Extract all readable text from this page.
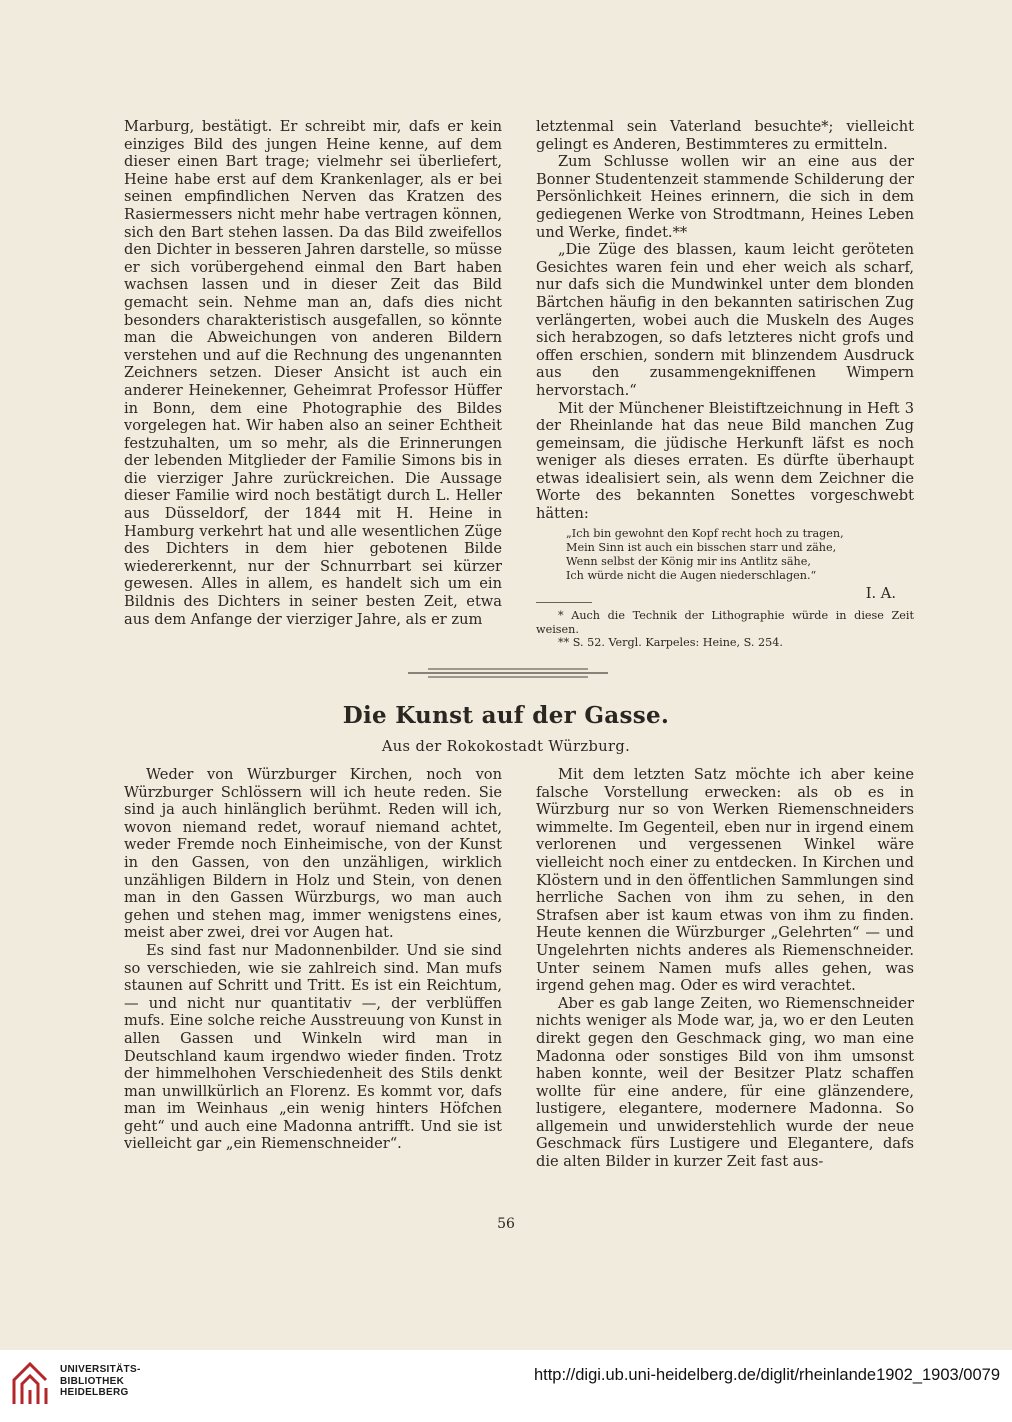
Marburg, bestätigt. Er schreibt mir, dafs er kein einziges Bild des jungen Heine kenne, auf dem dieser einen Bart trage; vielmehr sei überliefert, Heine habe erst auf dem Krankenlager, als er bei seinen empfindlichen Nerven das Kratzen des Rasiermessers nicht mehr habe vertragen können, sich den Bart stehen lassen. Da das Bild zweifellos den Dichter in besseren Jahren darstelle, so müsse er sich vorübergehend einmal den Bart haben wachsen lassen und in dieser Zeit das Bild gemacht sein. Nehme man an, dafs dies nicht besonders charakteristisch ausgefallen, so könnte man die Abweichungen von anderen Bildern verstehen und auf die Rechnung des ungenannten Zeichners setzen. Dieser Ansicht ist auch ein anderer Heinekenner, Geheimrat Professor Hüffer in Bonn, dem eine Photographie des Bildes vorgelegen hat. Wir haben also an seiner Echtheit festzuhalten, um so mehr, als die Erinnerungen der lebenden Mitglieder der Familie Simons bis in die vierziger Jahre zurückreichen. Die Aussage dieser Familie wird noch bestätigt durch L. Heller aus Düsseldorf, der 1844 mit H. Heine in Hamburg verkehrt hat und alle wesentlichen Züge des Dichters in dem hier gebotenen Bilde wiedererkennt, nur der Schnurrbart sei kürzer gewesen. Alles in allem, es handelt sich um ein Bildnis des Dichters in seiner besten Zeit, etwa aus dem Anfange der vierziger Jahre, als er zum

letztenmal sein Vaterland besuchte*; vielleicht gelingt es Anderen, Bestimmteres zu ermitteln.

Zum Schlusse wollen wir an eine aus der Bonner Studentenzeit stammende Schilderung der Persönlichkeit Heines erinnern, die sich in dem gediegenen Werke von Strodtmann, Heines Leben und Werke, findet.**

„Die Züge des blassen, kaum leicht geröteten Gesichtes waren fein und eher weich als scharf, nur dafs sich die Mundwinkel unter dem blonden Bärtchen häufig in den bekannten satirischen Zug verlängerten, wobei auch die Muskeln des Auges sich herabzogen, so dafs letzteres nicht grofs und offen erschien, sondern mit blinzendem Ausdruck aus den zusammengekniffenen Wimpern hervorstach.“

Mit der Münchener Bleistiftzeichnung in Heft 3 der Rheinlande hat das neue Bild manchen Zug gemeinsam, die jüdische Herkunft läfst es noch weniger als dieses erraten. Es dürfte überhaupt etwas idealisiert sein, als wenn dem Zeichner die Worte des bekannten Sonettes vorgeschwebt hätten:

„Ich bin gewohnt den Kopf recht hoch zu tragen,
Mein Sinn ist auch ein bisschen starr und zähe,
Wenn selbst der König mir ins Antlitz sähe,
Ich würde nicht die Augen niederschlagen.“
I. A.
* Auch die Technik der Lithographie würde in diese Zeit weisen.
** S. 52. Vergl. Karpeles: Heine, S. 254.
Die Kunst auf der Gasse.
Aus der Rokokostadt Würzburg.

Weder von Würzburger Kirchen, noch von Würzburger Schlössern will ich heute reden. Sie sind ja auch hinlänglich berühmt. Reden will ich, wovon niemand redet, worauf niemand achtet, weder Fremde noch Einheimische, von der Kunst in den Gassen, von den unzähligen, wirklich unzähligen Bildern in Holz und Stein, von denen man in den Gassen Würzburgs, wo man auch gehen und stehen mag, immer wenigstens eines, meist aber zwei, drei vor Augen hat.

Es sind fast nur Madonnenbilder. Und sie sind so verschieden, wie sie zahlreich sind. Man mufs staunen auf Schritt und Tritt. Es ist ein Reichtum, — und nicht nur quantitativ —, der verblüffen mufs. Eine solche reiche Ausstreuung von Kunst in allen Gassen und Winkeln wird man in Deutschland kaum irgendwo wieder finden. Trotz der himmelhohen Verschiedenheit des Stils denkt man unwillkürlich an Florenz. Es kommt vor, dafs man im Weinhaus „ein wenig hinters Höfchen geht“ und auch eine Madonna antrifft. Und sie ist vielleicht gar „ein Riemenschneider“.

Mit dem letzten Satz möchte ich aber keine falsche Vorstellung erwecken: als ob es in Würzburg nur so von Werken Riemenschneiders wimmelte. Im Gegenteil, eben nur in irgend einem verlorenen und vergessenen Winkel wäre vielleicht noch einer zu entdecken. In Kirchen und Klöstern und in den öffentlichen Sammlungen sind herrliche Sachen von ihm zu sehen, in den Strafsen aber ist kaum etwas von ihm zu finden. Heute kennen die Würzburger „Gelehrten“ — und Ungelehrten nichts anderes als Riemenschneider. Unter seinem Namen mufs alles gehen, was irgend gehen mag. Oder es wird verachtet.

Aber es gab lange Zeiten, wo Riemenschneider nichts weniger als Mode war, ja, wo er den Leuten direkt gegen den Geschmack ging, wo man eine Madonna oder sonstiges Bild von ihm umsonst haben konnte, weil der Besitzer Platz schaffen wollte für eine andere, für eine glänzendere, lustigere, elegantere, modernere Madonna. So allgemein und unwiderstehlich wurde der neue Geschmack fürs Lustigere und Elegantere, dafs die alten Bilder in kurzer Zeit fast aus-

56
UNIVERSITÄTS-
BIBLIOTHEK
HEIDELBERG
http://digi.ub.uni-heidelberg.de/diglit/rheinlande1902_1903/0079
